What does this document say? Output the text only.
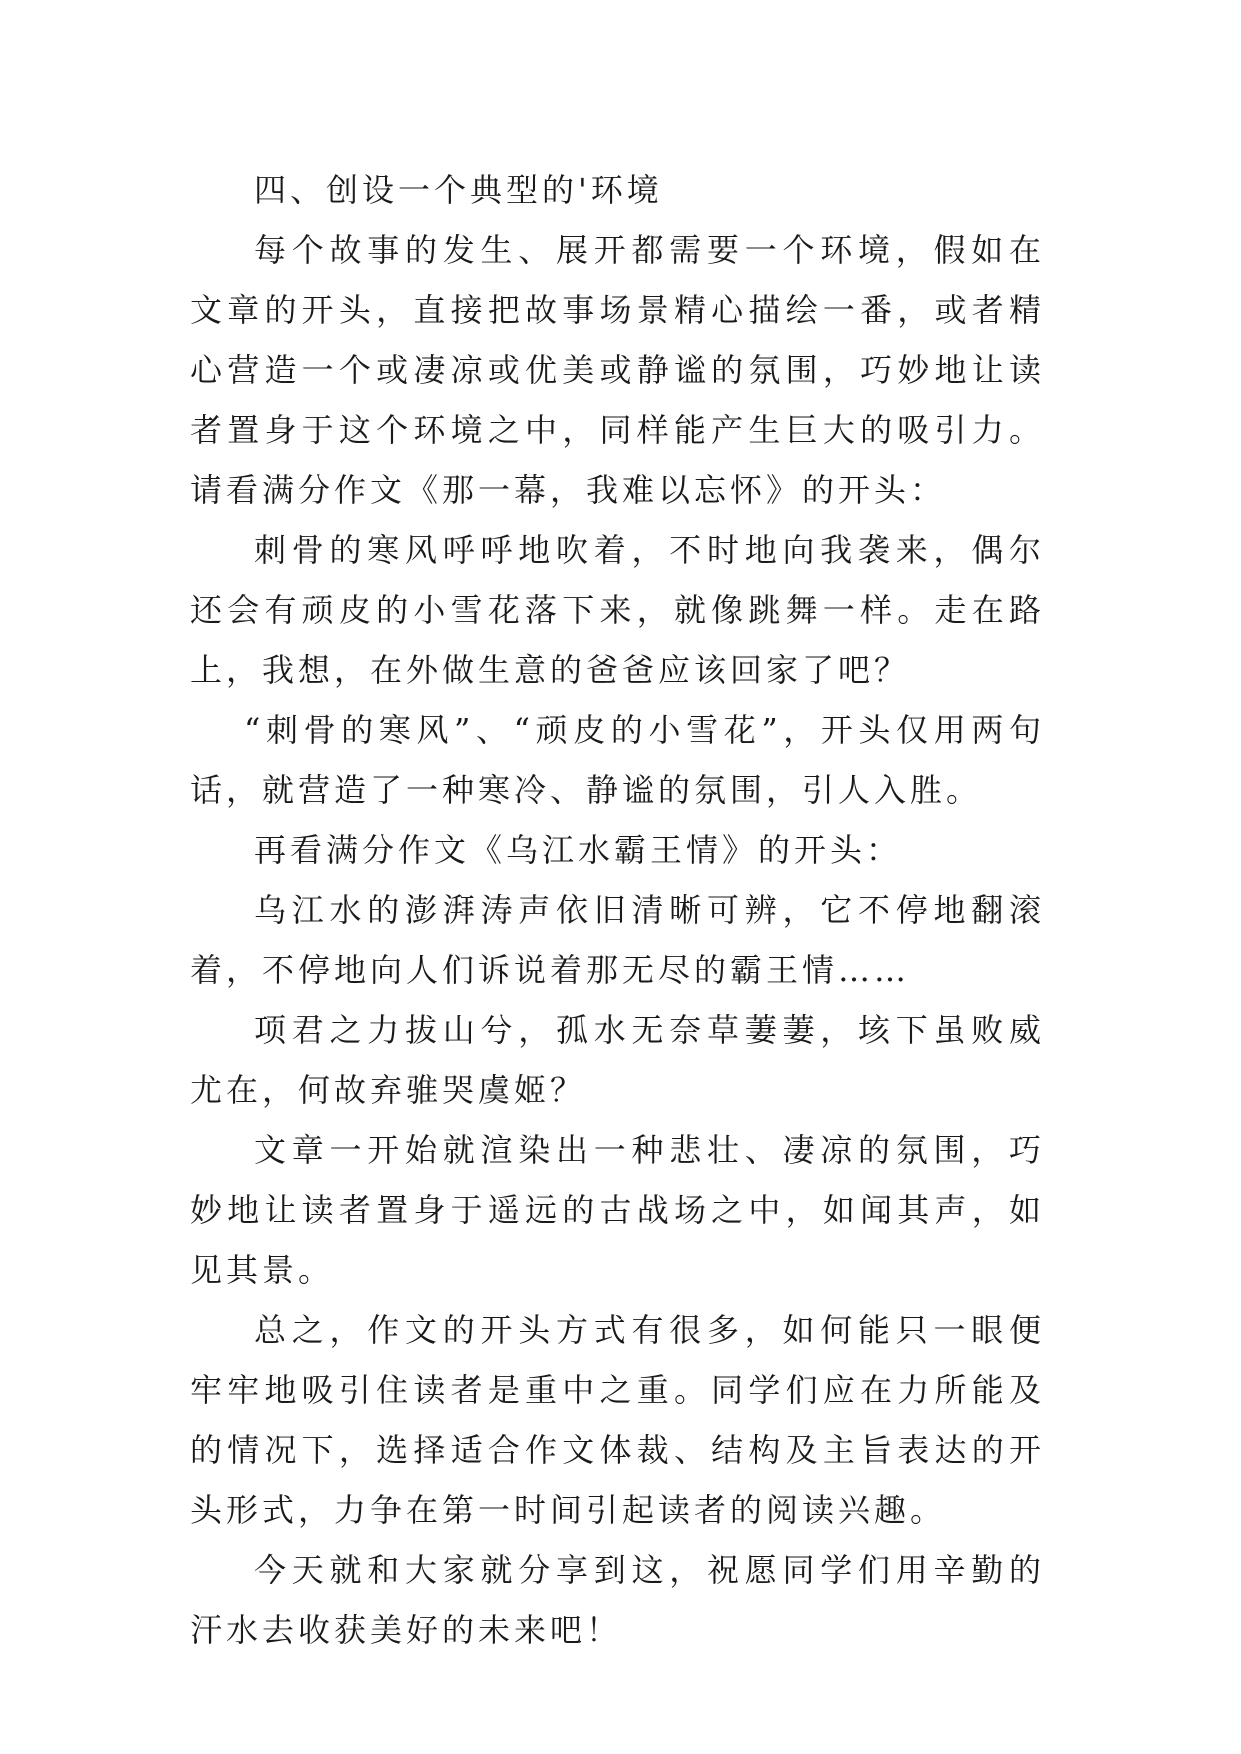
四、创设一个典型的'环境

每个故事的发生、展开都需要一个环境，假如在文章的开头，直接把故事场景精心描绘一番，或者精心营造一个或凄凉或优美或静谧的氛围，巧妙地让读者置身于这个环境之中，同样能产生巨大的吸引力。请看满分作文《那一幕，我难以忘怀》的开头：

刺骨的寒风呼呼地吹着，不时地向我袭来，偶尔还会有顽皮的小雪花落下来，就像跳舞一样。走在路上，我想，在外做生意的爸爸应该回家了吧？

“刺骨的寒风”、“顽皮的小雪花”，开头仅用两句话，就营造了一种寒冷、静谧的氛围，引人入胜。

再看满分作文《乌江水霸王情》的开头：

乌江水的澎湃涛声依旧清晰可辨，它不停地翻滚着，不停地向人们诉说着那无尽的霸王情……

项君之力拔山兮，孤水无奈草萋萋，垓下虽败威尤在，何故弃骓哭虞姬？

文章一开始就渲染出一种悲壮、凄凉的氛围，巧妙地让读者置身于遥远的古战场之中，如闻其声，如见其景。

总之，作文的开头方式有很多，如何能只一眼便牢牢地吸引住读者是重中之重。同学们应在力所能及的情况下，选择适合作文体裁、结构及主旨表达的开头形式，力争在第一时间引起读者的阅读兴趣。

今天就和大家就分享到这，祝愿同学们用辛勤的汗水去收获美好的未来吧！
